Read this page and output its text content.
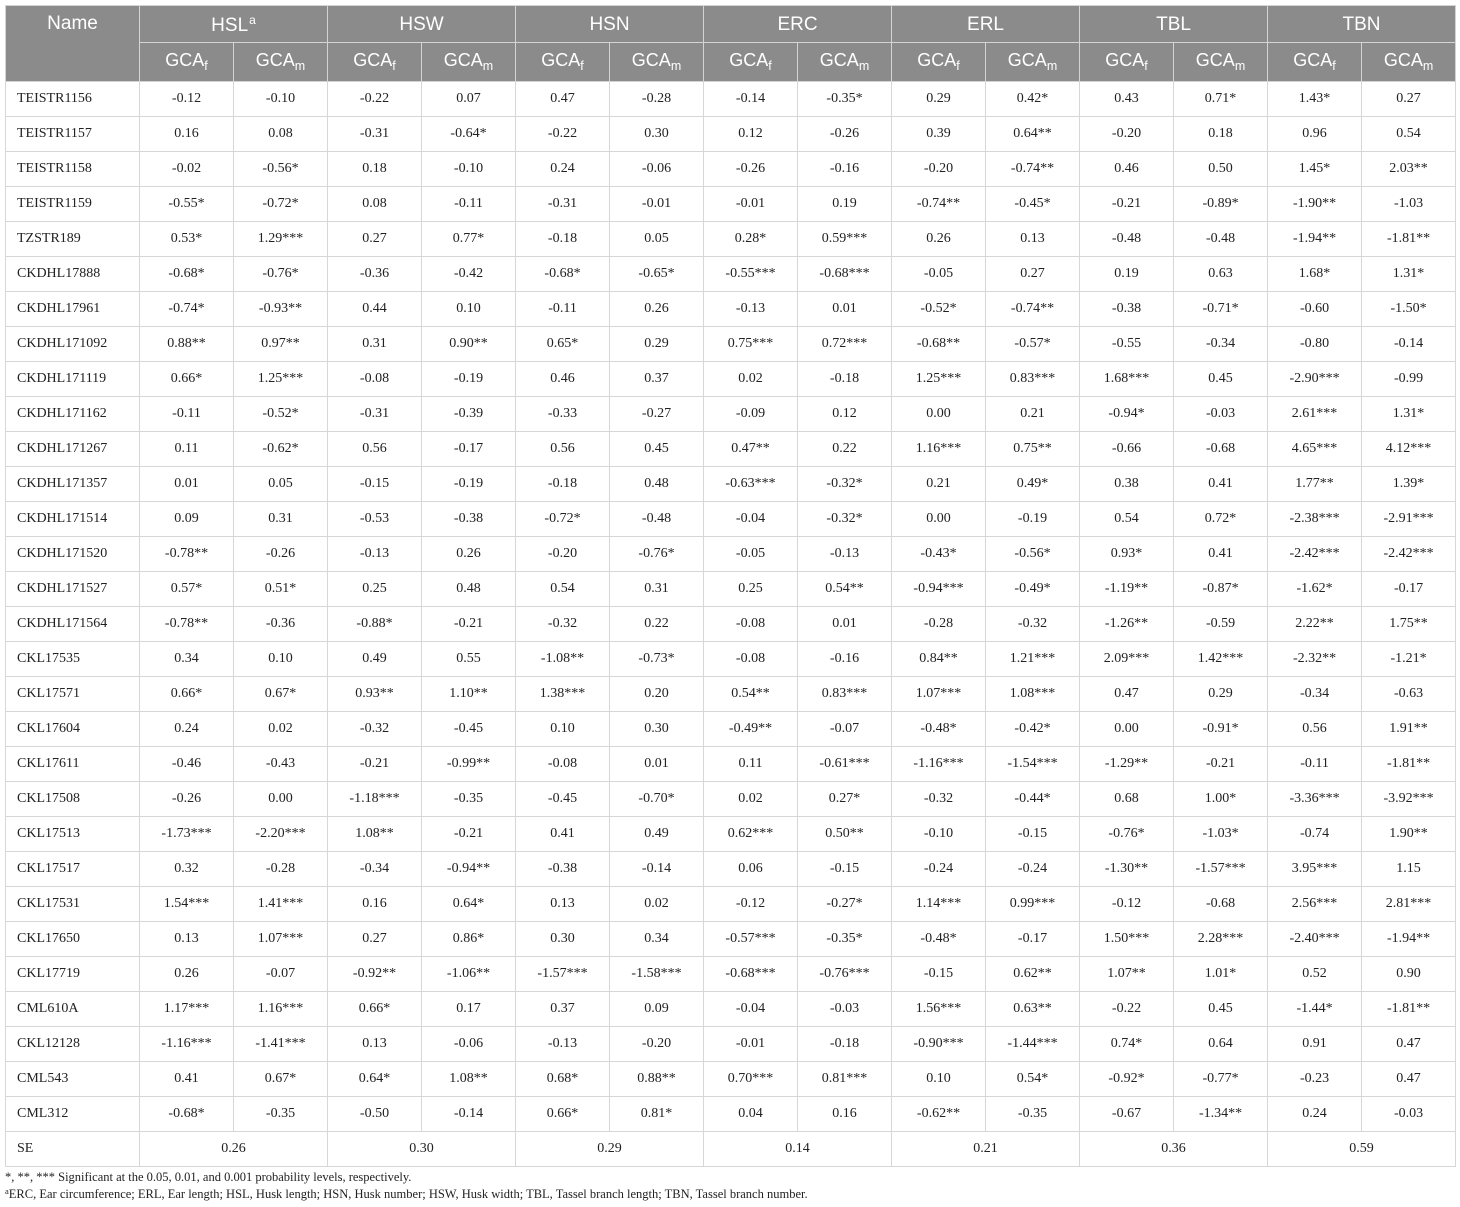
Name	HSL$^a$		HSW		HSN		ERC		ERL		TBL		TBN	
	$GCA_f$	$GCA_m$	$GCA_f$	$GCA_m$	$GCA_f$	$GCA_m$	$GCA_f$	$GCA_m$	$GCA_f$	$GCA_m$	$GCA_f$	$GCA_m$	$GCA_f$	$GCA_m$
TEISTR1156	-0.12	-0.10	-0.22	0.07	0.47	-0.28	-0.14	-0.35*	0.29	0.42*	0.43	0.71*	1.43*	0.27
TEISTR1157	0.16	0.08	-0.31	-0.64*	-0.22	0.30	0.12	-0.26	0.39	0.64**	-0.20	0.18	0.96	0.54
TEISTR1158	-0.02	-0.56*	0.18	-0.10	0.24	-0.06	-0.26	-0.16	-0.20	-0.74**	0.46	0.50	1.45*	2.03**
TEISTR1159	-0.55*	-0.72*	0.08	-0.11	-0.31	-0.01	-0.01	0.19	-0.74**	-0.45*	-0.21	-0.89*	-1.90**	-1.03
TZSTR189	0.53*	1.29***	0.27	0.77*	-0.18	0.05	0.28*	0.59***	0.26	0.13	-0.48	-0.48	-1.94**	-1.81**
CKDHL17888	-0.68*	-0.76*	-0.36	-0.42	-0.68*	-0.65*	-0.55***	-0.68***	-0.05	0.27	0.19	0.63	1.68*	1.31*
CKDHL17961	-0.74*	-0.93**	0.44	0.10	-0.11	0.26	-0.13	0.01	-0.52*	-0.74**	-0.38	-0.71*	-0.60	-1.50*
CKDHL171092	0.88**	0.97**	0.31	0.90**	0.65*	0.29	0.75***	0.72***	-0.68**	-0.57*	-0.55	-0.34	-0.80	-0.14
CKDHL171119	0.66*	1.25***	-0.08	-0.19	0.46	0.37	0.02	-0.18	1.25***	0.83***	1.68***	0.45	-2.90***	-0.99
CKDHL171162	-0.11	-0.52*	-0.31	-0.39	-0.33	-0.27	-0.09	0.12	0.00	0.21	-0.94*	-0.03	2.61***	1.31*
CKDHL171267	0.11	-0.62*	0.56	-0.17	0.56	0.45	0.47**	0.22	1.16***	0.75**	-0.66	-0.68	4.65***	4.12***
CKDHL171357	0.01	0.05	-0.15	-0.19	-0.18	0.48	-0.63***	-0.32*	0.21	0.49*	0.38	0.41	1.77**	1.39*
CKDHL171514	0.09	0.31	-0.53	-0.38	-0.72*	-0.48	-0.04	-0.32*	0.00	-0.19	0.54	0.72*	-2.38***	-2.91***
CKDHL171520	-0.78**	-0.26	-0.13	0.26	-0.20	-0.76*	-0.05	-0.13	-0.43*	-0.56*	0.93*	0.41	-2.42***	-2.42***
CKDHL171527	0.57*	0.51*	0.25	0.48	0.54	0.31	0.25	0.54**	-0.94***	-0.49*	-1.19**	-0.87*	-1.62*	-0.17
CKDHL171564	-0.78**	-0.36	-0.88*	-0.21	-0.32	0.22	-0.08	0.01	-0.28	-0.32	-1.26**	-0.59	2.22**	1.75**
CKL17535	0.34	0.10	0.49	0.55	-1.08**	-0.73*	-0.08	-0.16	0.84**	1.21***	2.09***	1.42***	-2.32**	-1.21*
CKL17571	0.66*	0.67*	0.93**	1.10**	1.38***	0.20	0.54**	0.83***	1.07***	1.08***	0.47	0.29	-0.34	-0.63
CKL17604	0.24	0.02	-0.32	-0.45	0.10	0.30	-0.49**	-0.07	-0.48*	-0.42*	0.00	-0.91*	0.56	1.91**
CKL17611	-0.46	-0.43	-0.21	-0.99**	-0.08	0.01	0.11	-0.61***	-1.16***	-1.54***	-1.29**	-0.21	-0.11	-1.81**
CKL17508	-0.26	0.00	-1.18***	-0.35	-0.45	-0.70*	0.02	0.27*	-0.32	-0.44*	0.68	1.00*	-3.36***	-3.92***
CKL17513	-1.73***	-2.20***	1.08**	-0.21	0.41	0.49	0.62***	0.50**	-0.10	-0.15	-0.76*	-1.03*	-0.74	1.90**
CKL17517	0.32	-0.28	-0.34	-0.94**	-0.38	-0.14	0.06	-0.15	-0.24	-0.24	-1.30**	-1.57***	3.95***	1.15
CKL17531	1.54***	1.41***	0.16	0.64*	0.13	0.02	-0.12	-0.27*	1.14***	0.99***	-0.12	-0.68	2.56***	2.81***
CKL17650	0.13	1.07***	0.27	0.86*	0.30	0.34	-0.57***	-0.35*	-0.48*	-0.17	1.50***	2.28***	-2.40***	-1.94**
CKL17719	0.26	-0.07	-0.92**	-1.06**	-1.57***	-1.58***	-0.68***	-0.76***	-0.15	0.62**	1.07**	1.01*	0.52	0.90
CML610A	1.17***	1.16***	0.66*	0.17	0.37	0.09	-0.04	-0.03	1.56***	0.63**	-0.22	0.45	-1.44*	-1.81**
CKL12128	-1.16***	-1.41***	0.13	-0.06	-0.13	-0.20	-0.01	-0.18	-0.90***	-1.44***	0.74*	0.64	0.91	0.47
CML543	0.41	0.67*	0.64*	1.08**	0.68*	0.88**	0.70***	0.81***	0.10	0.54*	-0.92*	-0.77*	-0.23	0.47
CML312	-0.68*	-0.35	-0.50	-0.14	0.66*	0.81*	0.04	0.16	-0.62**	-0.35	-0.67	-1.34**	0.24	-0.03
SE	0.26		0.30		0.29		0.14		0.21		0.36		0.59	

*, **, *** Significant at the 0.05, 0.01, and 0.001 probability levels, respectively.

$^a$ERC, Ear circumference; ERL, Ear length; HSL, Husk length; HSN, Husk number; HSW, Husk width; TBL, Tassel branch length; TBN, Tassel branch number.
